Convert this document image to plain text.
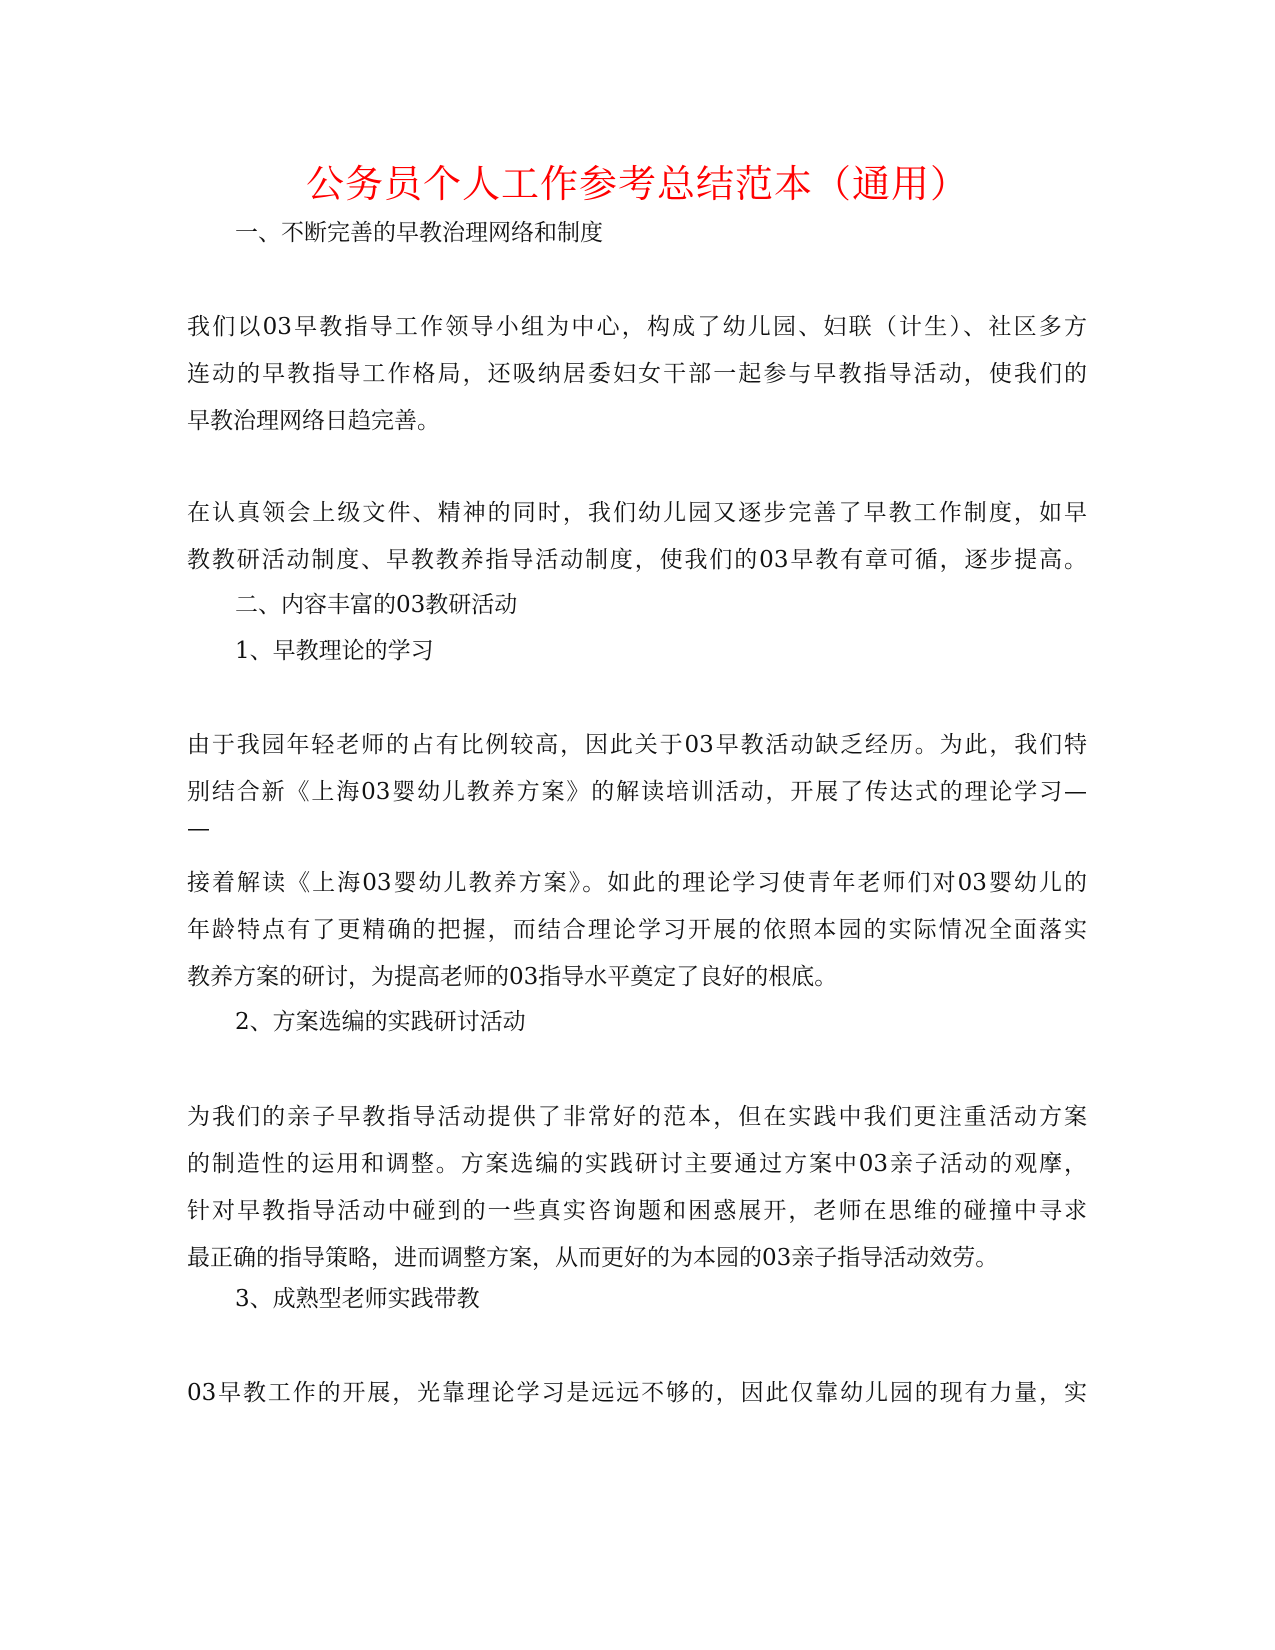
公务员个人工作参考总结范本（通用）
一、不断完善的早教治理网络和制度
我们以03早教指导工作领导小组为中心，构成了幼儿园、妇联（计生）、社区多方
连动的早教指导工作格局，还吸纳居委妇女干部一起参与早教指导活动，使我们的
早教治理网络日趋完善。
在认真领会上级文件、精神的同时，我们幼儿园又逐步完善了早教工作制度，如早
教教研活动制度、早教教养指导活动制度，使我们的03早教有章可循，逐步提高。
二、内容丰富的03教研活动
1、早教理论的学习
由于我园年轻老师的占有比例较高，因此关于03早教活动缺乏经历。为此，我们特
别结合新《上海03婴幼儿教养方案》的解读培训活动，开展了传达式的理论学习—
—
接着解读《上海03婴幼儿教养方案》。如此的理论学习使青年老师们对03婴幼儿的
年龄特点有了更精确的把握，而结合理论学习开展的依照本园的实际情况全面落实
教养方案的研讨，为提高老师的03指导水平奠定了良好的根底。
2、方案选编的实践研讨活动
为我们的亲子早教指导活动提供了非常好的范本，但在实践中我们更注重活动方案
的制造性的运用和调整。方案选编的实践研讨主要通过方案中03亲子活动的观摩，
针对早教指导活动中碰到的一些真实咨询题和困惑展开，老师在思维的碰撞中寻求
最正确的指导策略，进而调整方案，从而更好的为本园的03亲子指导活动效劳。
3、成熟型老师实践带教
03早教工作的开展，光靠理论学习是远远不够的，因此仅靠幼儿园的现有力量，实
